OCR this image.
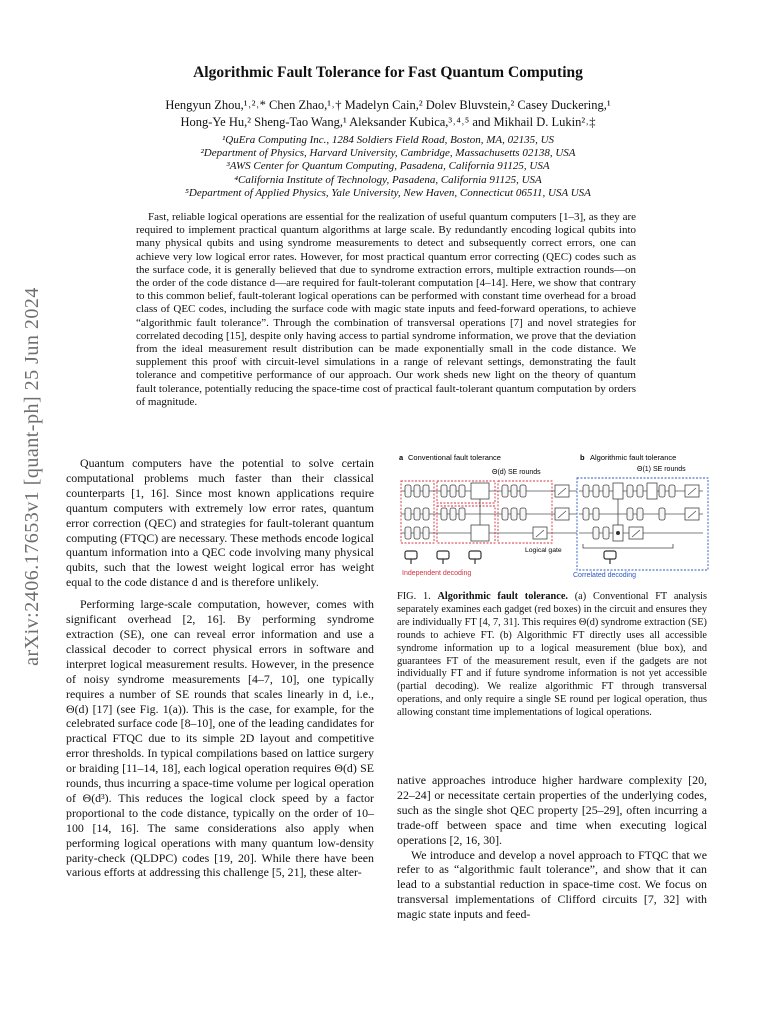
arXiv:2406.17653v1 [quant-ph] 25 Jun 2024
Algorithmic Fault Tolerance for Fast Quantum Computing
Hengyun Zhou,¹˒²˒* Chen Zhao,¹˒† Madelyn Cain,² Dolev Bluvstein,² Casey Duckering,¹
Hong-Ye Hu,² Sheng-Tao Wang,¹ Aleksander Kubica,³˒⁴˒⁵ and Mikhail D. Lukin²˒‡
¹QuEra Computing Inc., 1284 Soldiers Field Road, Boston, MA, 02135, US
²Department of Physics, Harvard University, Cambridge, Massachusetts 02138, USA
³AWS Center for Quantum Computing, Pasadena, California 91125, USA
⁴California Institute of Technology, Pasadena, California 91125, USA
⁵Department of Applied Physics, Yale University, New Haven, Connecticut 06511, USA USA
Fast, reliable logical operations are essential for the realization of useful quantum computers [1–3], as they are required to implement practical quantum algorithms at large scale. By redundantly encoding logical qubits into many physical qubits and using syndrome measurements to detect and subsequently correct errors, one can achieve very low logical error rates. However, for most practical quantum error correcting (QEC) codes such as the surface code, it is generally believed that due to syndrome extraction errors, multiple extraction rounds—on the order of the code distance d—are required for fault-tolerant computation [4–14]. Here, we show that contrary to this common belief, fault-tolerant logical operations can be performed with constant time overhead for a broad class of QEC codes, including the surface code with magic state inputs and feed-forward operations, to achieve “algorithmic fault tolerance”. Through the combination of transversal operations [7] and novel strategies for correlated decoding [15], despite only having access to partial syndrome information, we prove that the deviation from the ideal measurement result distribution can be made exponentially small in the code distance. We supplement this proof with circuit-level simulations in a range of relevant settings, demonstrating the fault tolerance and competitive performance of our approach. Our work sheds new light on the theory of quantum fault tolerance, potentially reducing the space-time cost of practical fault-tolerant quantum computation by orders of magnitude.

Quantum computers have the potential to solve certain computational problems much faster than their classical counterparts [1, 16]. Since most known applications require quantum computers with extremely low error rates, quantum error correction (QEC) and strategies for fault-tolerant quantum computing (FTQC) are necessary. These methods encode logical quantum information into a QEC code involving many physical qubits, such that the lowest weight logical error has weight equal to the code distance d and is therefore unlikely.

Performing large-scale computation, however, comes with significant overhead [2, 16]. By performing syndrome extraction (SE), one can reveal error information and use a classical decoder to correct physical errors in software and interpret logical measurement results. However, in the presence of noisy syndrome measurements [4–7, 10], one typically requires a number of SE rounds that scales linearly in d, i.e., Θ(d) [17] (see Fig. 1(a)). This is the case, for example, for the celebrated surface code [8–10], one of the leading candidates for practical FTQC due to its simple 2D layout and competitive error thresholds. In typical compilations based on lattice surgery or braiding [11–14, 18], each logical operation requires Θ(d) SE rounds, thus incurring a space-time volume per logical operation of Θ(d³). This reduces the logical clock speed by a factor proportional to the code distance, typically on the order of 10–100 [14, 16]. The same considerations also apply when performing logical operations with many quantum low-density parity-check (QLDPC) codes [19, 20]. While there have been various efforts at addressing this challenge [5, 21], these alter-

a Conventional fault tolerance
Θ(d) SE rounds
Logical gate
Independent decoding
b Algorithmic fault tolerance
Θ(1) SE rounds
Correlated decoding
FIG. 1. Algorithmic fault tolerance. (a) Conventional FT analysis separately examines each gadget (red boxes) in the circuit and ensures they are individually FT [4, 7, 31]. This requires Θ(d) syndrome extraction (SE) rounds to achieve FT. (b) Algorithmic FT directly uses all accessible syndrome information up to a logical measurement (blue box), and guarantees FT of the measurement result, even if the gadgets are not individually FT and if future syndrome information is not yet accessible (partial decoding). We realize algorithmic FT through transversal operations, and only require a single SE round per logical operation, thus allowing constant time implementations of logical operations.

native approaches introduce higher hardware complexity [20, 22–24] or necessitate certain properties of the underlying codes, such as the single shot QEC property [25–29], often incurring a trade-off between space and time when executing logical operations [2, 16, 30].

We introduce and develop a novel approach to FTQC that we refer to as “algorithmic fault tolerance”, and show that it can lead to a substantial reduction in space-time cost. We focus on transversal implementations of Clifford circuits [7, 32] with magic state inputs and feed-
